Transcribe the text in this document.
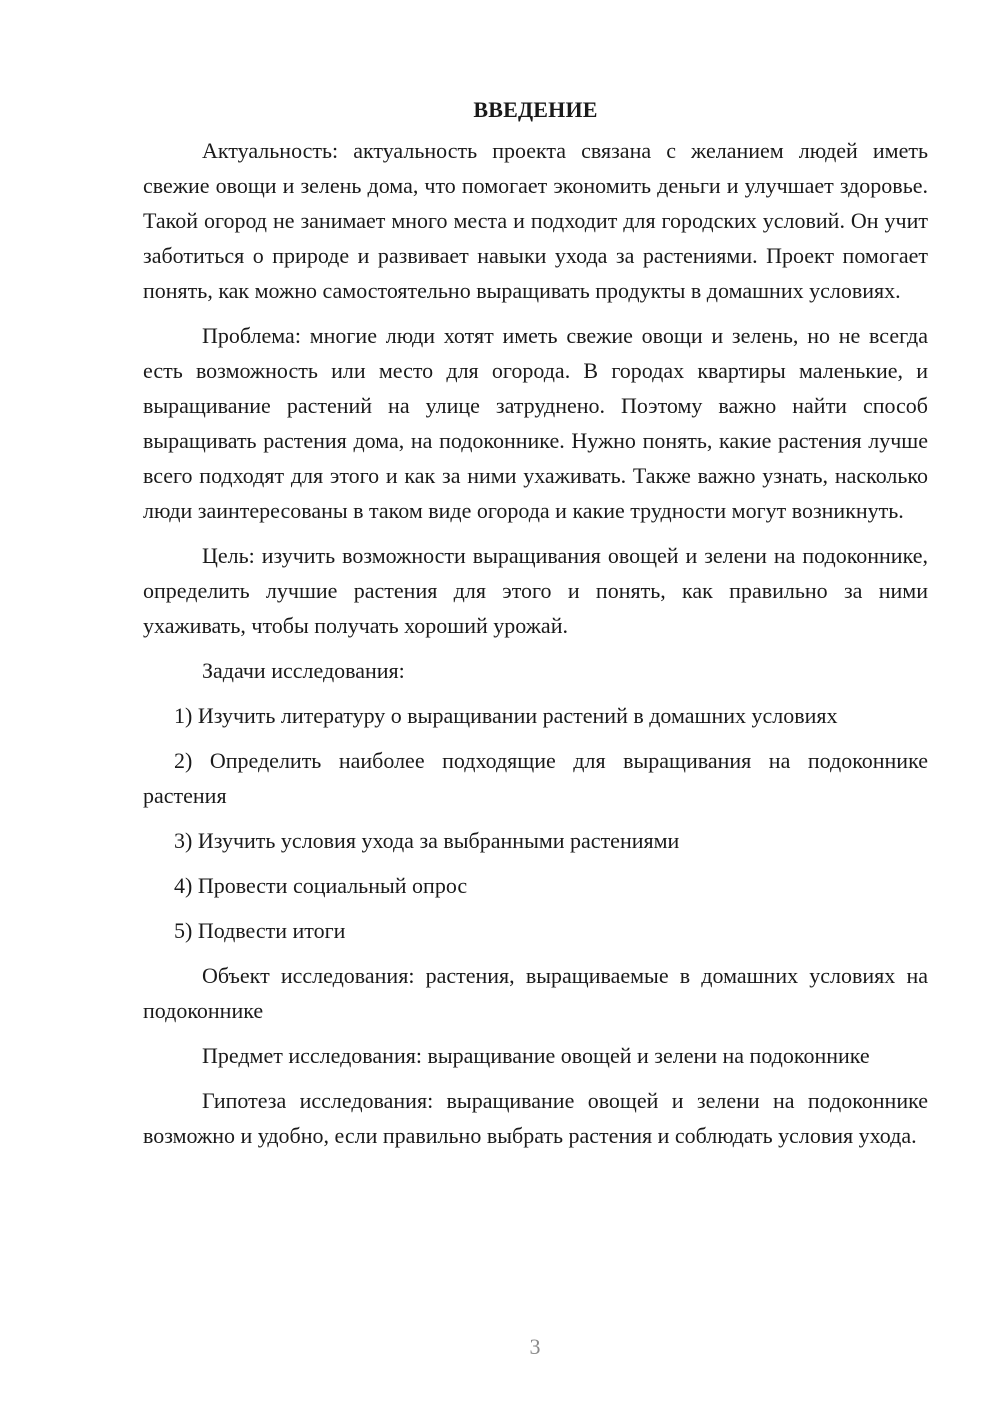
ВВЕДЕНИЕ

Актуальность: актуальность проекта связана с желанием людей иметь свежие овощи и зелень дома, что помогает экономить деньги и улучшает здоровье. Такой огород не занимает много места и подходит для городских условий. Он учит заботиться о природе и развивает навыки ухода за растениями. Проект помогает понять, как можно самостоятельно выращивать продукты в домашних условиях.

Проблема: многие люди хотят иметь свежие овощи и зелень, но не всегда есть возможность или место для огорода. В городах квартиры маленькие, и выращивание растений на улице затруднено. Поэтому важно найти способ выращивать растения дома, на подоконнике. Нужно понять, какие растения лучше всего подходят для этого и как за ними ухаживать. Также важно узнать, насколько люди заинтересованы в таком виде огорода и какие трудности могут возникнуть.

Цель: изучить возможности выращивания овощей и зелени на подоконнике, определить лучшие растения для этого и понять, как правильно за ними ухаживать, чтобы получать хороший урожай.

Задачи исследования:

1) Изучить литературу о выращивании растений в домашних условиях

2) Определить наиболее подходящие для выращивания на подоконнике растения

3) Изучить условия ухода за выбранными растениями

4) Провести социальный опрос

5) Подвести итоги

Объект исследования: растения, выращиваемые в домашних условиях на подоконнике

Предмет исследования: выращивание овощей и зелени на подоконнике

Гипотеза исследования: выращивание овощей и зелени на подоконнике возможно и удобно, если правильно выбрать растения и соблюдать условия ухода.

3
